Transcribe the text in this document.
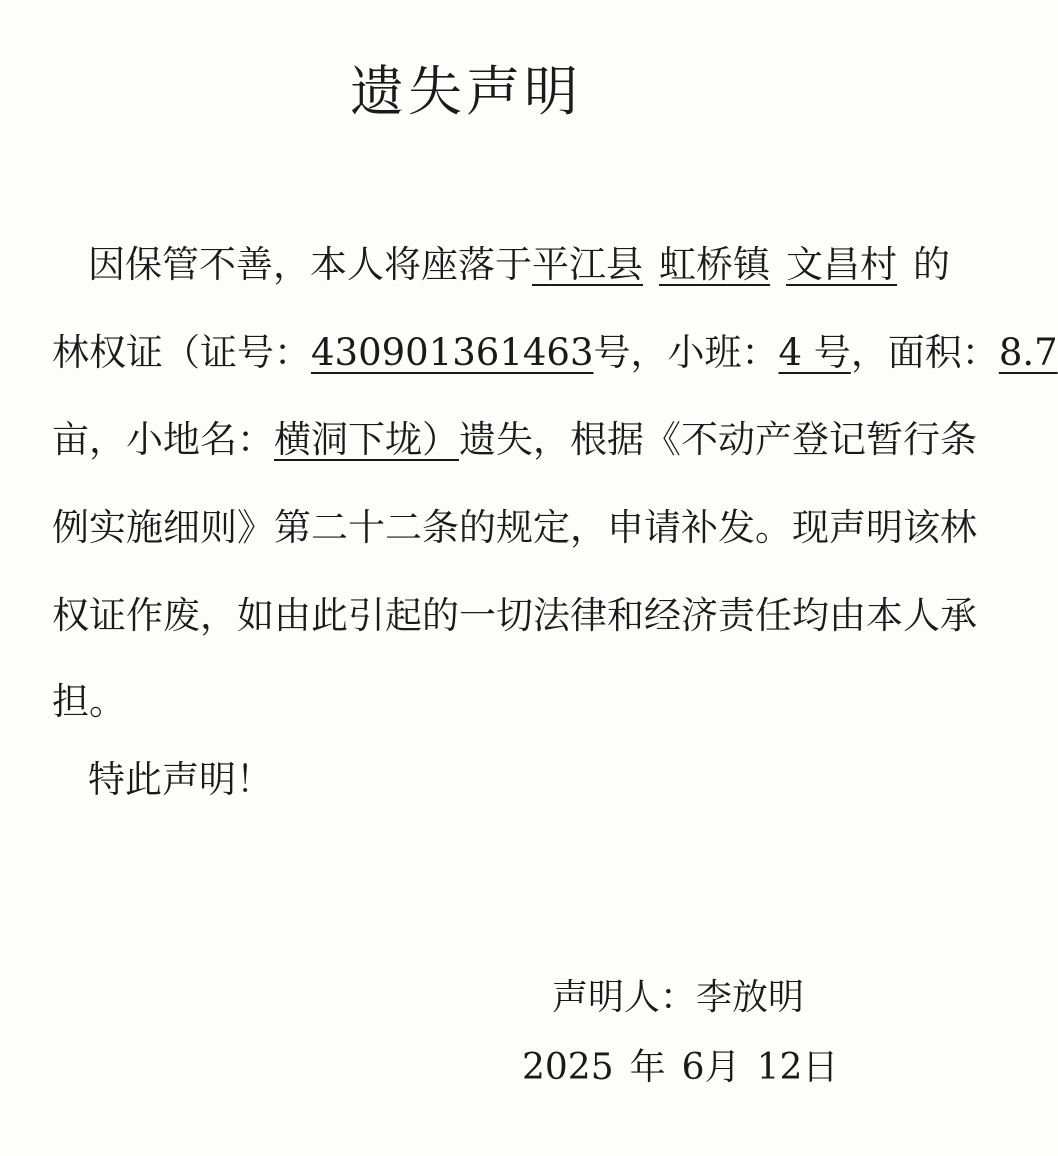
遗失声明
因保管不善，本人将座落于平江县 虹桥镇 文昌村 的
林权证（证号：430901361463号，小班：4 号，面积：8.7
亩，小地名：横洞下垅）遗失，根据《不动产登记暂行条
例实施细则》第二十二条的规定，申请补发。现声明该林
权证作废，如由此引起的一切法律和经济责任均由本人承
担。
特此声明！
声明人：李放明
2025 年 6月 12日
